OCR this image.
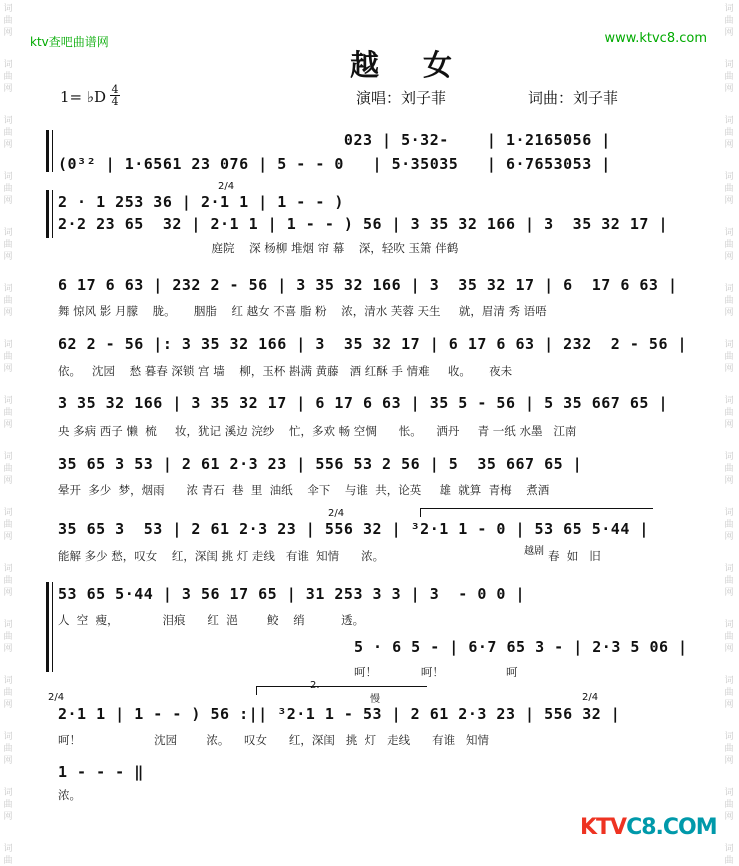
词
曲
网
词
曲
网
词
曲
网
词
曲
网
词
曲
网
词
曲
网
词
曲
网
词
曲
网
词
曲
网
词
曲
网
词
曲
网
词
曲
网
词
曲
网
词
曲
网
词
曲
网
词
曲
词
曲
网
词
曲
网
词
曲
网
词
曲
网
词
曲
网
词
曲
网
词
曲
网
词
曲
网
词
曲
网
词
曲
网
词
曲
网
词
曲
网
词
曲
网
词
曲
网
词
曲
网
词
曲
ktv查吧曲谱网	www.ktvc8.com
越女
1= ♭D 4
4	演唱：刘子菲	词曲：刘子菲
023 | 5·32-    | 1·2165056 |
(0³² | 1·6561 23 076 | 5 - - 0   | 5·35035   | 6·7653053 |
2/4
2 · 1 253 36 | 2·1 1 | 1 - - )
2·2 23 65  32 | 2·1 1 | 1 - - ) 56 | 3 35 32 166 | 3  35 32 17 |
庭院    深 杨柳 堆烟 帘 幕    深，轻吹 玉箫 伴鹤
6 17 6 63 | 232 2 - 56 | 3 35 32 166 | 3  35 32 17 | 6  17 6 63 |
舞 惊风 影 月朦    胧。     胭脂    红 越女 不喜 脂 粉    浓，清水 芙蓉 天生     就，眉清 秀 语唔
62 2 - 56 |: 3 35 32 166 | 3  35 32 17 | 6 17 6 63 | 232  2 - 56 |
依。   沈园    愁 暮春 深锁 宫 墙    柳，玉杯 斟满 黄藤   酒 红酥 手 情难     收。     夜未
3 35 32 166 | 3 35 32 17 | 6 17 6 63 | 35 5 - 56 | 5 35 667 65 |
央 多病 西子 懒  梳     妆，犹记 溪边 浣纱    忙，多欢 畅 空惆      怅。    洒丹     青 一纸 水墨   江南
35 65 3 53 | 2 61 2·3 23 | 556 53 2 56 | 5  35 667 65 |
晕开  多少  梦，烟雨      浓 青石  巷  里  油纸    伞下    与谁  共，论英     雄  就算  青梅    煮酒
2/4
35 65 3  53 | 2 61 2·3 23 | 556 32 | ³2·1 1 - 0 | 53 65 5·44 |
能解 多少 愁，叹女    红，深闺 挑 灯 走线   有谁  知情      浓。	越剧 春  如   旧
53 65 5·44 | 3 56 17 65 | 31 253 3 3 | 3  - 0 0 |
人  空  瘦，            泪痕      红  浥        鲛    绡          透。
5 · 6 5 - | 6·7 65 3 - | 2·3 5 06 |
呵！            呵！                 呵
2/4
2.
慢	2/4
2·1 1 | 1 - - ) 56 :|| ³2·1 1 - 53 | 2 61 2·3 23 | 556 32 |
呵！                    沈园        浓。    叹女      红，深闺   挑  灯   走线      有谁   知情
1 - - - ‖
浓。
KTVC8.COM
